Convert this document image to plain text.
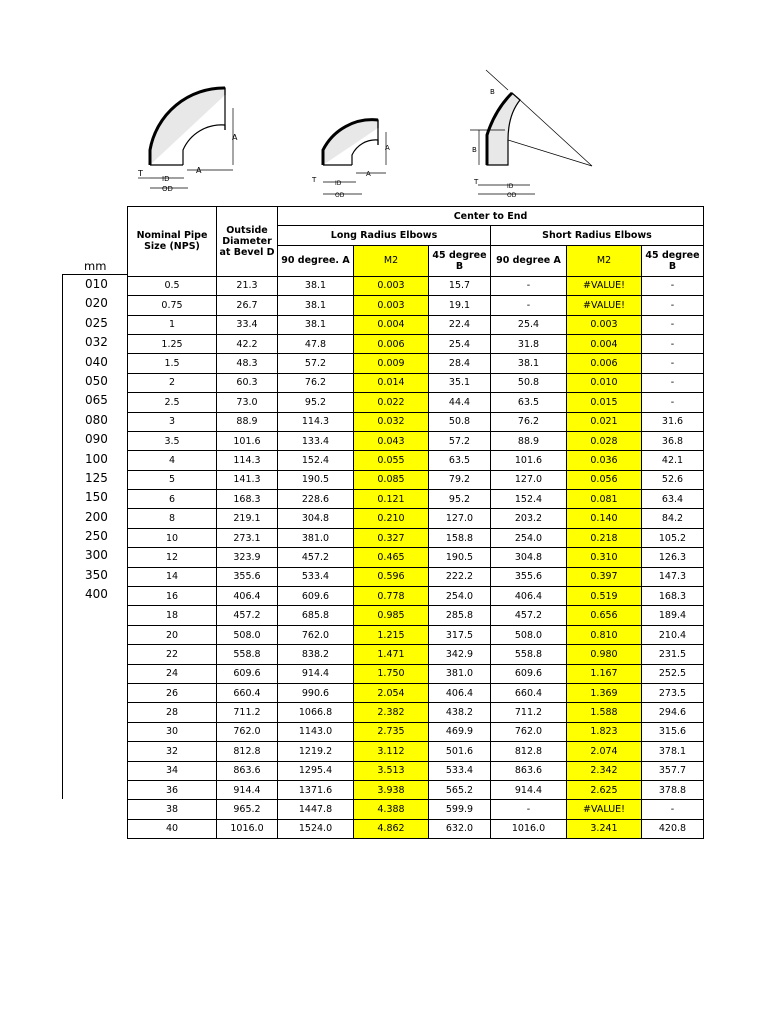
A
A
T
ID
OD
A
A
T	ID
OD
B
B
T
ID
OD
mm
010
020
025
032
040
050
065
080
090
100
125
150
200
250
300
350
400
Nominal Pipe Size (NPS)	Outside Diameter at Bevel D	Center to End					
		Long Radius Elbows			Short Radius Elbows		
		90 degree. A	M2	45 degree B	90 degree A	M2	45 degree B
0.5	21.3	38.1	0.003	15.7	-	#VALUE!	-
0.75	26.7	38.1	0.003	19.1	-	#VALUE!	-
1	33.4	38.1	0.004	22.4	25.4	0.003	-
1.25	42.2	47.8	0.006	25.4	31.8	0.004	-
1.5	48.3	57.2	0.009	28.4	38.1	0.006	-
2	60.3	76.2	0.014	35.1	50.8	0.010	-
2.5	73.0	95.2	0.022	44.4	63.5	0.015	-
3	88.9	114.3	0.032	50.8	76.2	0.021	31.6
3.5	101.6	133.4	0.043	57.2	88.9	0.028	36.8
4	114.3	152.4	0.055	63.5	101.6	0.036	42.1
5	141.3	190.5	0.085	79.2	127.0	0.056	52.6
6	168.3	228.6	0.121	95.2	152.4	0.081	63.4
8	219.1	304.8	0.210	127.0	203.2	0.140	84.2
10	273.1	381.0	0.327	158.8	254.0	0.218	105.2
12	323.9	457.2	0.465	190.5	304.8	0.310	126.3
14	355.6	533.4	0.596	222.2	355.6	0.397	147.3
16	406.4	609.6	0.778	254.0	406.4	0.519	168.3
18	457.2	685.8	0.985	285.8	457.2	0.656	189.4
20	508.0	762.0	1.215	317.5	508.0	0.810	210.4
22	558.8	838.2	1.471	342.9	558.8	0.980	231.5
24	609.6	914.4	1.750	381.0	609.6	1.167	252.5
26	660.4	990.6	2.054	406.4	660.4	1.369	273.5
28	711.2	1066.8	2.382	438.2	711.2	1.588	294.6
30	762.0	1143.0	2.735	469.9	762.0	1.823	315.6
32	812.8	1219.2	3.112	501.6	812.8	2.074	378.1
34	863.6	1295.4	3.513	533.4	863.6	2.342	357.7
36	914.4	1371.6	3.938	565.2	914.4	2.625	378.8
38	965.2	1447.8	4.388	599.9	-	#VALUE!	-
40	1016.0	1524.0	4.862	632.0	1016.0	3.241	420.8
